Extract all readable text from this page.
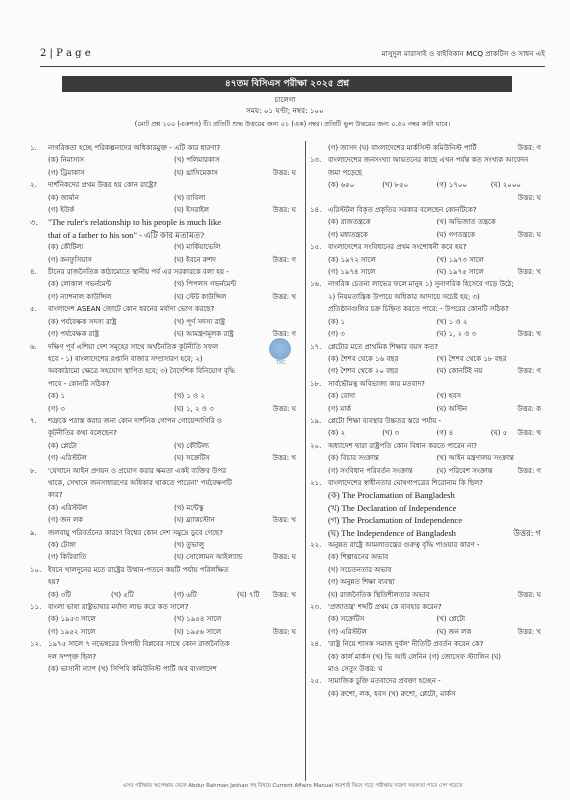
2 | P a g e	মাসুদুল মারাসাই ও বাইবিকান MCQ প্রাকটিস ও সাধন এই
৪৭তম বিসিএস পরীক্ষা ২০২৫ প্রশ্ন
চালেগা
সময়: ০১ ঘণ্টা; নম্বর: ১০০
(মোট প্রশ্ন ১০০ (একশত) টি। প্রতিটি শুদ্ধ উত্তরের জন্য ০১ (এক) নম্বর। প্রতিটি ভুল উত্তরের জন্য ০.৫০ নম্বর কাটা যাবে।
১. নাগরিকতা হচ্ছে পরিকল্পনাদের অধিকারমুক্ত - এটি কার ধারণা?
(ক) নিমাসাস	(খ) পলিমারকাস
(গ) ট্রিমাকাস	(ঘ) থ্রাসিমেকাস	উত্তর: ঘ
২. দার্শনিকদের প্রথম উত্তর হয় কোন রাষ্ট্রে?
(ক) জার্মান	(খ) বাবিলা
(গ) ইউর্ক	(ঘ) ইসরাইল	উত্তর: ঘ
৩. "The ruler's relationship to his people is much like
that of a father to his son" - এটি কার মতামত?
(ক) কৌটিল্য	(খ) মার্কিয়াভেলি
(গ) কনফুসিয়াস	(ঘ) ইবনে রুশদ	উত্তর: গ
৪. চীনের রাজনৈতিক কাঠামোতে স্থানীয় পর্ব এর সরকারকে বলা হয় -
(ক) লোকাল গভর্নমেন্ট	(খ) পিপলস গভর্নমেন্ট
(গ) ন্যাশনাল কাউন্সিল	(ঘ) স্টেট কাউন্সিল	উত্তর: খ
৫. বাংলাদেশ ASEAN জোটে কোন ধরনের মর্যাদা ভোগ করছে?
(ক) পর্যবেক্ষক সদস্য রাষ্ট্র	(খ) পূর্ণ সদস্য রাষ্ট্র
(গ) পর্যবেক্ষক রাষ্ট্র	(ঘ) আমন্ত্রণমূলক রাষ্ট্র	উত্তর: গ
৬. দক্ষিণ পূর্ব এশিয়া দেশ সমূহের সাথে অর্থনৈতিক কূটনীতি সফল
হবে - ১) বাংলাদেশের রপ্তানি বাজার সম্প্রসারণ হবে; ২)
অবকাঠামো ক্ষেত্রে সহযোগ স্থাপিত হবে; ৩) বৈদেশিক বিনিয়োগ বৃদ্ধি
পাবে - কোনটি সঠিক?
(ক) ১	(খ) ১ ও ২
(গ) ৩	(ঘ) ১, ২ ও ৩	উত্তর: ঘ
৭. শত্রুকে পরাস্ত করার জন্য কোন দার্শনিক গোপন গোয়েন্দাগিরি ও
কূটনীতির কথা বলেছেন?
(ক) প্লেটো	(খ) কৌটিল্য
(গ) এরিস্টটল	(ঘ) সক্রেটিস	উত্তর: খ
৮. 'যেখানে আইন প্রণয়ন ও প্রয়োগ করার ক্ষমতা একই ব্যক্তির উপর
থাকে, সেখানে জনসাধারণের অধিকার থাকতে পারেনা' পর্যবেক্ষণটি
কার?
(ক) এরিস্টটল	(খ) মন্টেস্কু
(গ) জন লক	(ঘ) ব্ল্যাকস্টোন	উত্তর: খ
৯. জলবায়ু পরিবর্তনের কারণে বিশ্বের কোন দেশ সমুদ্রে ডুবে গেছে?
(ক) টোঙ্গা	(খ) তুভালু
(গ) কিরিবাতি	(ঘ) সোলোমন আইল্যান্ড	উত্তর: ঘ
১০. ইবনে খালদুনের মতে রাষ্ট্রের উত্থান-পতনে কয়টি পর্যায় পরিলক্ষিত
হয়?
(ক) ৩টি	(খ) ৫টি	(গ) ৬টি	(ঘ) ৭টি উত্তর: খ
১১. বাংলা ভাষা রাষ্ট্রভাষার মর্যাদা লাভ করে কত সালে?
(ক) ১৯৫৩ সালে	(খ) ১৯৫৪ সালে
(গ) ১৯৫২ সালে	(ঘ) ১৯৫৬ সালে	উত্তর: ঘ
১২. ১৯৭৫ সালে ৭ নভেম্বরের সিপাহী বিপ্লবের সাথে কোন রাজনৈতিক
দল সম্পৃক্ত ছিল?
(ক) ভাসানী ন্যাপ (খ) সিপিবি কমিউনিস্ট পার্টি অব বাংলাদেশ
(গ) জাসদ (ঘ) বাংলাদেশের মার্কসিস্ট কমিউনিস্ট পার্টি	উত্তর: গ
১৩. বাংলাদেশের জনসংখ্যা আয়তনের কাছে এখন পর্যন্ত কত সংখ্যক আবেদন
জমা পড়েছে
(ক) ৬৫০	(খ) ৮৫০	(গ) ১৭০০	(ঘ) ২০০০
উত্তর: ঘ
১৪. এরিস্টটল বিকৃত প্রকৃতির সরকার বলেছেন কোনটিকে?
(ক) রাজতন্ত্রকে	(খ) অভিজাত তন্ত্রকে
(গ) মধ্যতন্ত্রকে	(ঘ) গণতন্ত্রকে	উত্তর: ঘ
১৫. বাংলাদেশের সংবিধানের প্রথম সংশোধনী কবে হয়?
(ক) ১৯৭২ সালে	(খ) ১৯৭৩ সালে
(গ) ১৯৭৪ সালে	(ঘ) ১৯৭৫ সালে	উত্তর: খ
১৬. নাগরিক চেতনা লাভের ফলে মানুষ ১) সুনাগরিক হিসেবে গড়ে উঠে;
২) নিয়মতান্ত্রিক উপায়ে অধিকার আদায়ে সচেষ্ট হয়; ৩)
প্রতিষ্ঠানগুলির চক্র চিহ্নিত করতে পারে: - উপরের কোনটি সঠিক?
(ক) ১	(খ) ১ ও ২
(গ) ৩	(ঘ) ১, ২ ও ৩	উত্তর: খ
১৭. প্লেটোর মতে প্রাথমিক শিক্ষার বয়স কত?
(ক) শৈশব থেকে ১৬ বছর	(খ) শৈশব থেকে ১৮ বছর
(গ) শৈশব থেকে ২০ বছর	(ঘ) কোনটিই নয়	উত্তর: গ
১৮. সার্বভৌমত্ব অবিভাজ্য কার মতবাদ?
(ক) বোদা	(খ) হবস
(গ) মার্ক	(ঘ) অস্টিন	উত্তর: ক
১৯. প্লেটো শিক্ষা ব্যবস্থার উচ্চতর স্তরে পর্যায় -
(ক) ২	(খ) ৩	(গ) ৪	(ঘ) ৫ উত্তর: খ
২০. অধ্যাদেশ দ্বারা রাষ্ট্রপতি কোন বিধান করতে পারেন না?
(ক) বিচার সংক্রান্ত	(খ) আইন মন্ত্রণালয় সংক্রান্ত
(গ) সংবিধান পরিবর্তন সংক্রান্ত	(ঘ) পরিবেশ সংক্রান্ত	উত্তর: গ
২১. বাংলাদেশের স্বাধীনতার ঘোষণাপত্রের শিরোনাম কি ছিল?
(ক) The Proclamation of Bangladesh
(খ) The Declaration of Independence
(গ) The Proclamation of Independence
(ঘ) The Independence of Bangladesh	উত্তর: গ
২২. অনুন্নত রাষ্ট্রে আমলাতন্ত্রের গুরুত্ব বৃদ্ধি পাওয়ার কারণ -
(ক) শিল্পায়নের অভাব
(খ) সচেতনতার অভাব
(গ) অনুন্নত শিক্ষা ব্যবস্থা
(ঘ) রাজনৈতিক স্থিতিশীলতার অভাব	উত্তর: ঘ
২৩. 'প্রজাতন্ত্র' শব্দটি প্রথম কে ব্যবহার করেন?
(ক) সক্রেটিস	(খ) প্লেটো
(গ) এরিস্টটল	(ঘ) জন লক	উত্তর: খ
২৪. 'রাষ্ট্র নিয়ে শাসক সমাজ দুর্বল' নীতিটি প্রবর্তন করেন কে?
(ক) কার্ল মার্কস (খ) ভি আই লেনিন (গ) জোসেফ স্ট্যালিন (ঘ)
মাও সেতুং উত্তর: ঘ
২৫. সামাজিক চুক্তি মতবাদের প্রবক্তা হচ্ছেন -
(ক) রুশো, লক, হবস (খ) রুশো, প্লেটো, মার্কস
TRC
এসব পরীক্ষার অপেক্ষায় থেকে Abdur Rahman Jeshan সহ বিষয়ে Current Affairs Manual অবশ্যই কিনে পড়ে পরীক্ষায় দারুণ সফলতা পাবে দেশ গড়তে
